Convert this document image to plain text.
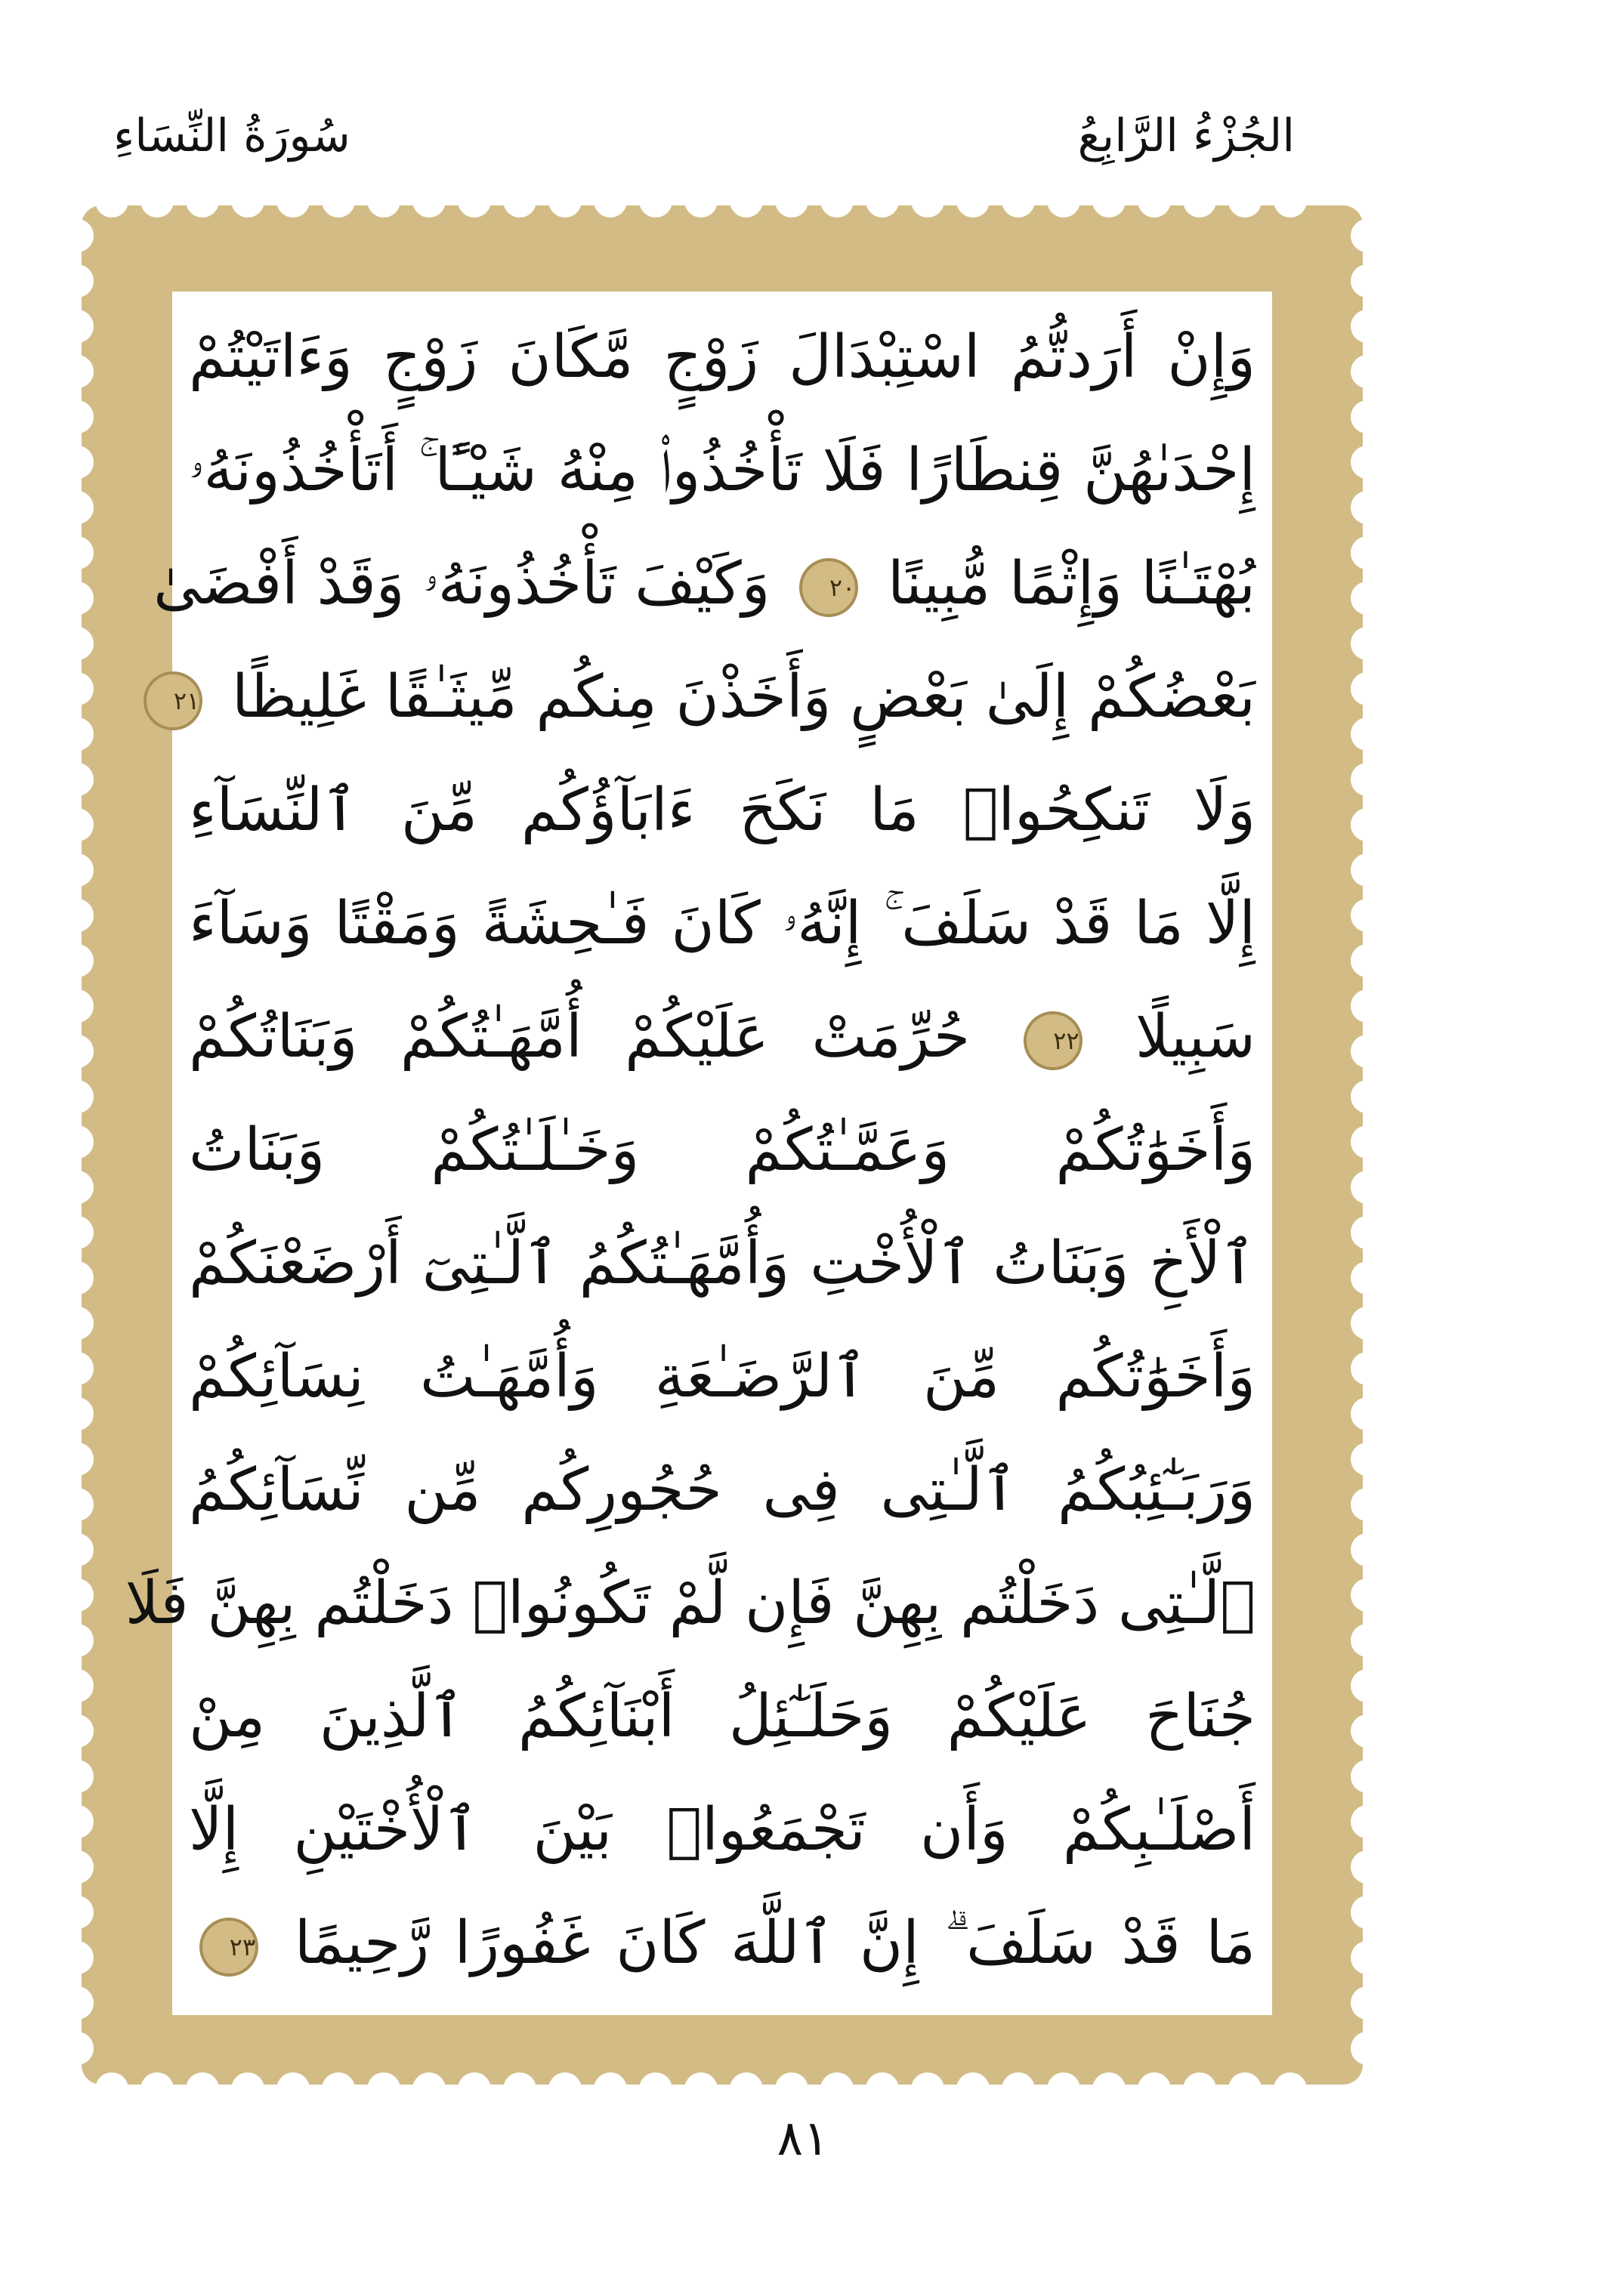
الجُزْءُ الرَّابِعُ
سُورَةُ النِّسَاءِ
وَإِنْ أَرَدتُّمُ اسْتِبْدَالَ زَوْجٍ مَّكَانَ زَوْجٍ وَءَاتَيْتُمْ
إِحْدَىٰهُنَّ قِنطَارًا فَلَا تَأْخُذُوا۟ مِنْهُ شَيْـًٔا ۚ أَتَأْخُذُونَهُۥ
بُهْتَـٰنًا وَإِثْمًا مُّبِينًا ٢٠ وَكَيْفَ تَأْخُذُونَهُۥ وَقَدْ أَفْضَىٰ
بَعْضُكُمْ إِلَىٰ بَعْضٍ وَأَخَذْنَ مِنكُم مِّيثَـٰقًا غَلِيظًا ٢١
وَلَا تَنكِحُوا۟ مَا نَكَحَ ءَابَآؤُكُم مِّنَ ٱلنِّسَآءِ
إِلَّا مَا قَدْ سَلَفَ ۚ إِنَّهُۥ كَانَ فَـٰحِشَةً وَمَقْتًا وَسَآءَ
سَبِيلًا ٢٢ حُرِّمَتْ عَلَيْكُمْ أُمَّهَـٰتُكُمْ وَبَنَاتُكُمْ
وَأَخَوَٰتُكُمْ وَعَمَّـٰتُكُمْ وَخَـٰلَـٰتُكُمْ وَبَنَاتُ
ٱلْأَخِ وَبَنَاتُ ٱلْأُخْتِ وَأُمَّهَـٰتُكُمُ ٱلَّـٰتِىٓ أَرْضَعْنَكُمْ
وَأَخَوَٰتُكُم مِّنَ ٱلرَّضَـٰعَةِ وَأُمَّهَـٰتُ نِسَآئِكُمْ
وَرَبَـٰٓئِبُكُمُ ٱلَّـٰتِى فِى حُجُورِكُم مِّن نِّسَآئِكُمُ
ٱلَّـٰتِى دَخَلْتُم بِهِنَّ فَإِن لَّمْ تَكُونُوا۟ دَخَلْتُم بِهِنَّ فَلَا
جُنَاحَ عَلَيْكُمْ وَحَلَـٰٓئِلُ أَبْنَآئِكُمُ ٱلَّذِينَ مِنْ
أَصْلَـٰبِكُمْ وَأَن تَجْمَعُوا۟ بَيْنَ ٱلْأُخْتَيْنِ إِلَّا
مَا قَدْ سَلَفَ ۗ إِنَّ ٱللَّهَ كَانَ غَفُورًا رَّحِيمًا ٢٣
٨١
